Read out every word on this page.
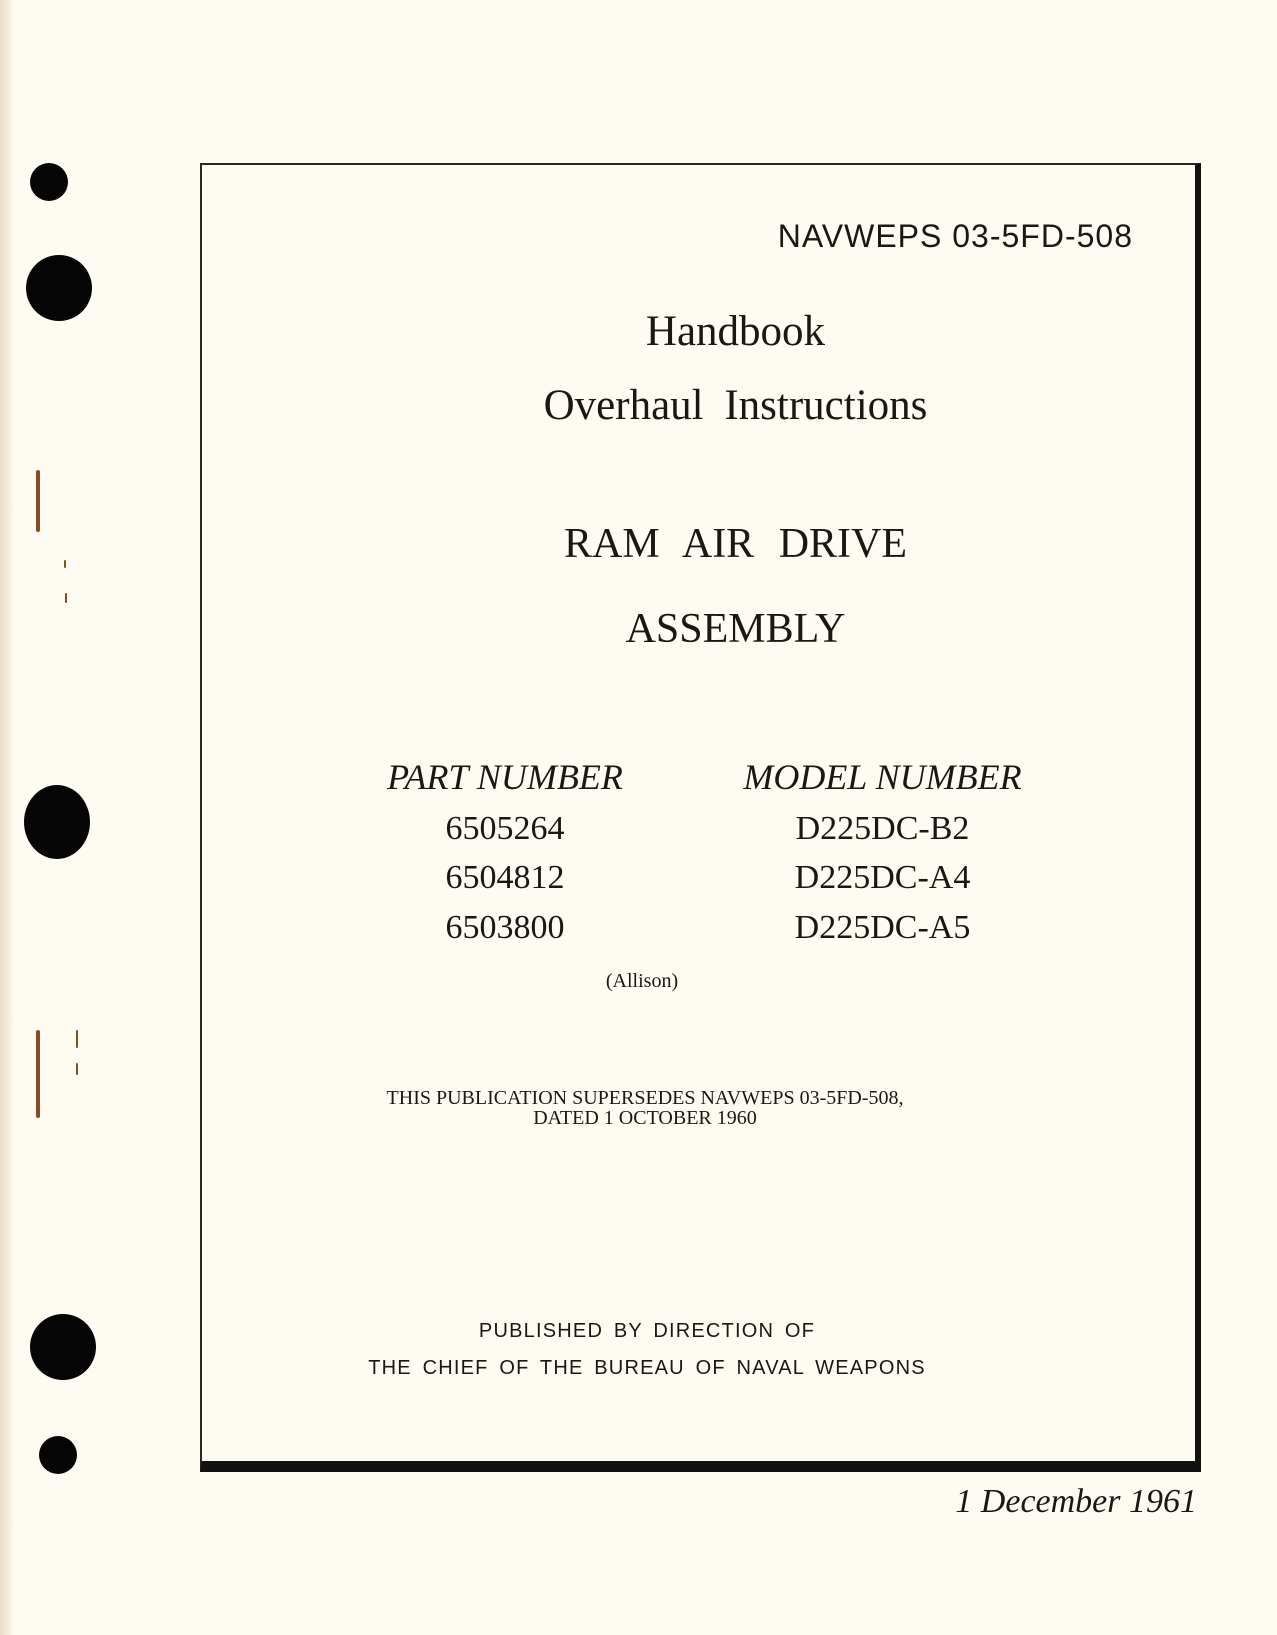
NAVWEPS 03-5FD-508
Handbook
Overhaul Instructions
RAM AIR DRIVE
ASSEMBLY
PART NUMBER	MODEL NUMBER
6505264	D225DC-B2
6504812	D225DC-A4
6503800	D225DC-A5
(Allison)
THIS PUBLICATION SUPERSEDES NAVWEPS 03-5FD-508,
DATED 1 OCTOBER 1960
PUBLISHED BY DIRECTION OF
THE CHIEF OF THE BUREAU OF NAVAL WEAPONS
1 December 1961
